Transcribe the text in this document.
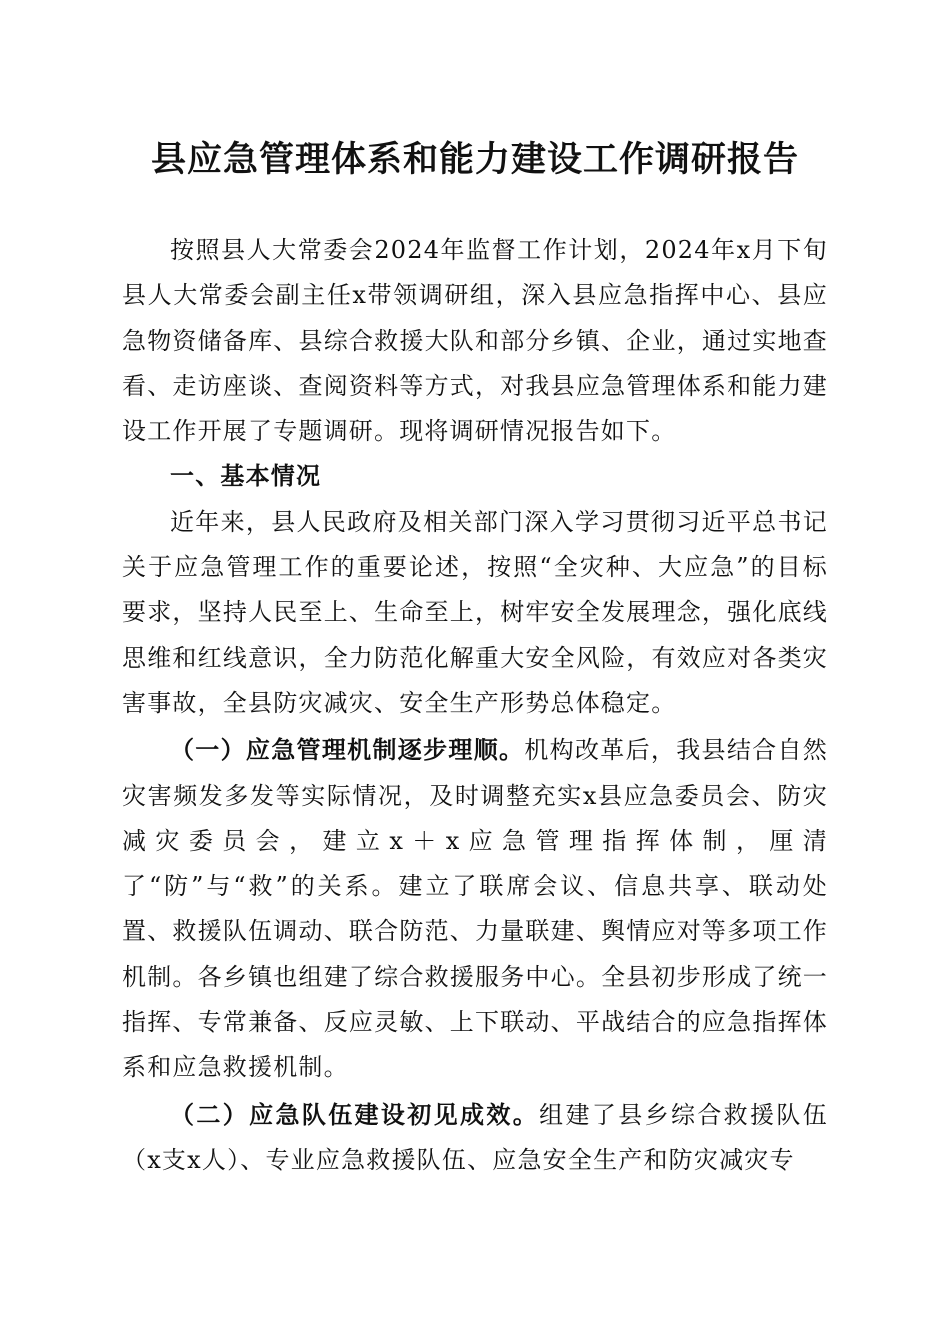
县应急管理体系和能力建设工作调研报告

按照县人大常委会2024年监督工作计划，2024年x月下旬县人大常委会副主任x带领调研组，深入县应急指挥中心、县应急物资储备库、县综合救援大队和部分乡镇、企业，通过实地查看、走访座谈、查阅资料等方式，对我县应急管理体系和能力建设工作开展了专题调研。现将调研情况报告如下。

一、基本情况

近年来，县人民政府及相关部门深入学习贯彻习近平总书记关于应急管理工作的重要论述，按照“全灾种、大应急”的目标要求，坚持人民至上、生命至上，树牢安全发展理念，强化底线思维和红线意识，全力防范化解重大安全风险，有效应对各类灾害事故，全县防灾减灾、安全生产形势总体稳定。

（一）应急管理机制逐步理顺。机构改革后，我县结合自然灾害频发多发等实际情况，及时调整充实x县应急委员会、防灾减灾委员会，建立x＋x应急管理指挥体制，厘清了“防”与“救”的关系。建立了联席会议、信息共享、联动处置、救援队伍调动、联合防范、力量联建、舆情应对等多项工作机制。各乡镇也组建了综合救援服务中心。全县初步形成了统一指挥、专常兼备、反应灵敏、上下联动、平战结合的应急指挥体系和应急救援机制。

（二）应急队伍建设初见成效。组建了县乡综合救援队伍（x支x人）、专业应急救援队伍、应急安全生产和防灾减灾专
